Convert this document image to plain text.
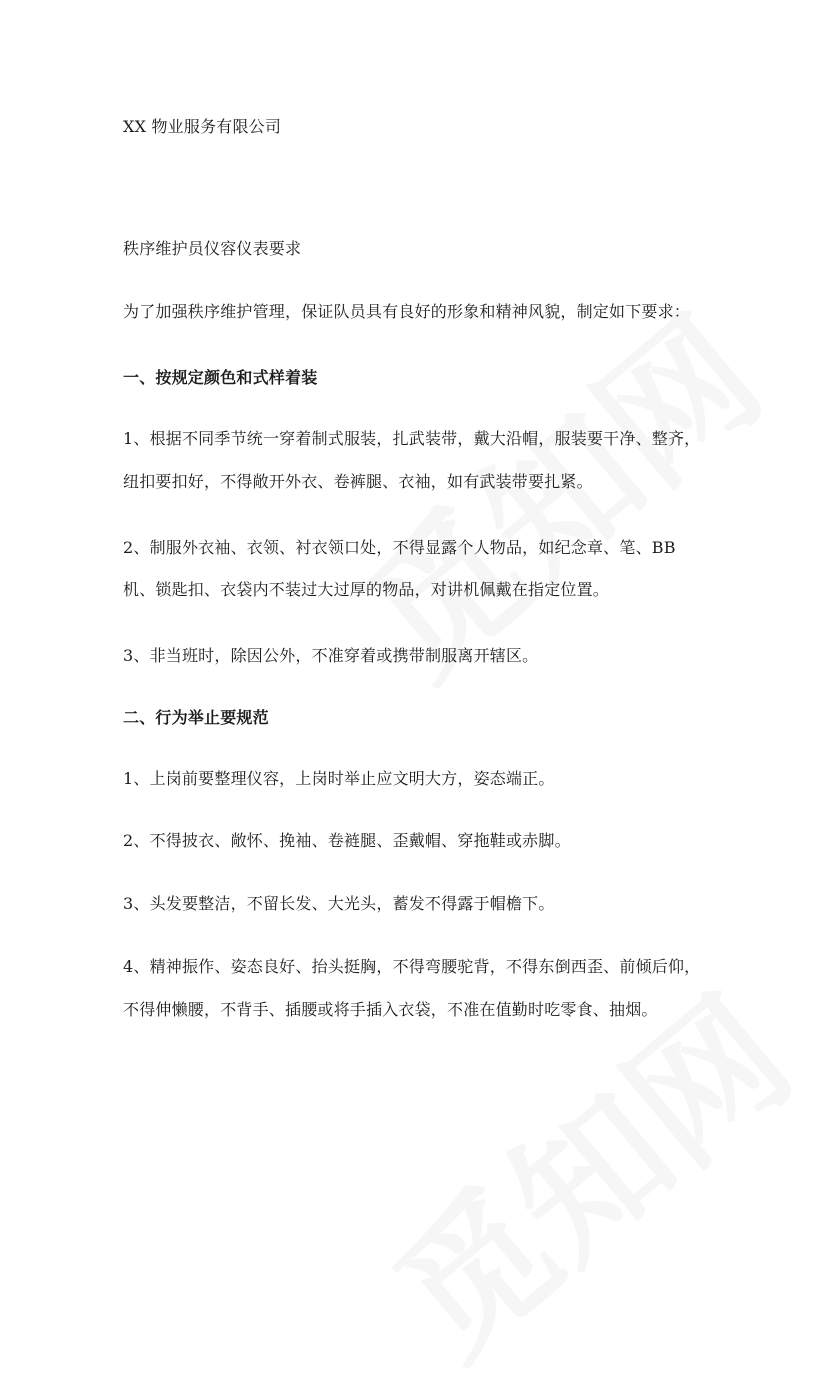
XX 物业服务有限公司
秩序维护员仪容仪表要求
为了加强秩序维护管理，保证队员具有良好的形象和精神风貌，制定如下要求：
一、按规定颜色和式样着装
1、根据不同季节统一穿着制式服装，扎武装带，戴大沿帽，服装要干净、整齐，
纽扣要扣好，不得敞开外衣、卷裤腿、衣袖，如有武装带要扎紧。
2、制服外衣袖、衣领、衬衣领口处，不得显露个人物品，如纪念章、笔、BB
机、锁匙扣、衣袋内不装过大过厚的物品，对讲机佩戴在指定位置。
3、非当班时，除因公外，不准穿着或携带制服离开辖区。
二、行为举止要规范
1、上岗前要整理仪容，上岗时举止应文明大方，姿态端正。
2、不得披衣、敞怀、挽袖、卷裢腿、歪戴帽、穿拖鞋或赤脚。
3、头发要整洁，不留长发、大光头，蓄发不得露于帽檐下。
4、精神振作、姿态良好、抬头挺胸，不得弯腰驼背，不得东倒西歪、前倾后仰，
不得伸懒腰，不背手、插腰或将手插入衣袋，不准在值勤时吃零食、抽烟。
